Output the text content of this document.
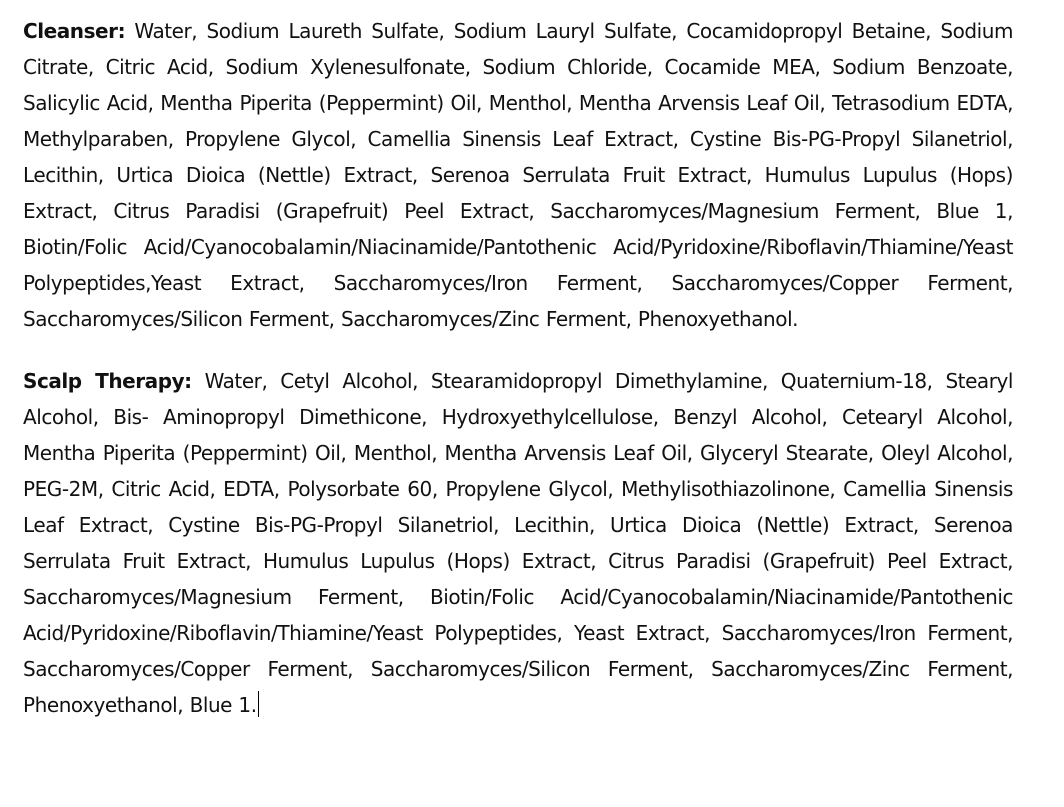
Cleanser: Water, Sodium Laureth Sulfate, Sodium Lauryl Sulfate, Cocamidopropyl Betaine, Sodium Citrate, Citric Acid, Sodium Xylenesulfonate, Sodium Chloride, Cocamide MEA, Sodium Benzoate, Salicylic Acid, Mentha Piperita (Peppermint) Oil, Menthol, Mentha Arvensis Leaf Oil, Tetrasodium EDTA, Methylparaben, Propylene Glycol, Camellia Sinensis Leaf Extract, Cystine Bis-PG-Propyl Silanetriol, Lecithin, Urtica Dioica (Nettle) Extract, Serenoa Serrulata Fruit Extract, Humulus Lupulus (Hops) Extract, Citrus Paradisi (Grapefruit) Peel Extract, Saccharomyces/Magnesium Ferment, Blue 1, Biotin/Folic Acid/Cyanocobalamin/Niacinamide/Pantothenic Acid/Pyridoxine/Riboflavin/Thiamine/Yeast Polypeptides,Yeast Extract, Saccharomyces/Iron Ferment, Saccharomyces/Copper Ferment, Saccharomyces/Silicon Ferment, Saccharomyces/Zinc Ferment, Phenoxyethanol.

Scalp Therapy: Water, Cetyl Alcohol, Stearamidopropyl Dimethylamine, Quaternium-18, Stearyl Alcohol, Bis- Aminopropyl Dimethicone, Hydroxyethylcellulose, Benzyl Alcohol, Cetearyl Alcohol, Mentha Piperita (Peppermint) Oil, Menthol, Mentha Arvensis Leaf Oil, Glyceryl Stearate, Oleyl Alcohol, PEG-2M, Citric Acid, EDTA, Polysorbate 60, Propylene Glycol, Methylisothiazolinone, Camellia Sinensis Leaf Extract, Cystine Bis-PG-Propyl Silanetriol, Lecithin, Urtica Dioica (Nettle) Extract, Serenoa Serrulata Fruit Extract, Humulus Lupulus (Hops) Extract, Citrus Paradisi (Grapefruit) Peel Extract, Saccharomyces/Magnesium Ferment, Biotin/Folic Acid/Cyanocobalamin/Niacinamide/Pantothenic Acid/Pyridoxine/Riboflavin/Thiamine/Yeast Polypeptides, Yeast Extract, Saccharomyces/Iron Ferment, Saccharomyces/Copper Ferment, Saccharomyces/Silicon Ferment, Saccharomyces/Zinc Ferment, Phenoxyethanol, Blue 1.
